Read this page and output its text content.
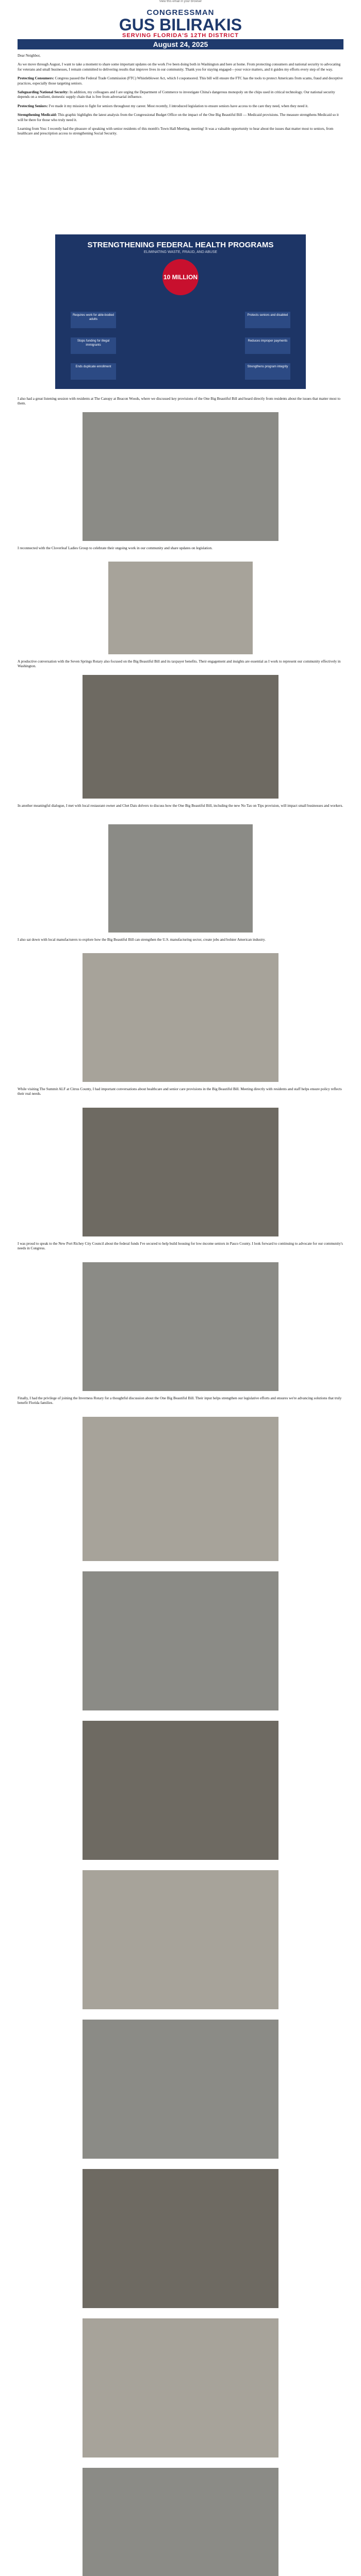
View this email in your browser
CONGRESSMAN
GUS BILIRAKIS
SERVING FLORIDA'S 12TH DISTRICT
August 24, 2025

Dear Neighbor,

As we move through August, I want to take a moment to share some important updates on the work I've been doing both in Washington and here at home. From protecting consumers and national security to advocating for veterans and small businesses, I remain committed to delivering results that improve lives in our community. Thank you for staying engaged—your voice matters, and it guides my efforts every step of the way.

Protecting Consumers: Congress passed the Federal Trade Commission (FTC) Whistleblower Act, which I cosponsored. This bill will ensure the FTC has the tools to protect Americans from scams, fraud and deceptive practices, especially those targeting seniors.

Safeguarding National Security: In addition, my colleagues and I are urging the Department of Commerce to investigate China's dangerous monopoly on the chips used in critical technology. Our national security depends on a resilient, domestic supply chain that is free from adversarial influence.

Protecting Seniors: I've made it my mission to fight for seniors throughout my career. Most recently, I introduced legislation to ensure seniors have access to the care they need, when they need it.

Strengthening Medicaid: This graphic highlights the latest analysis from the Congressional Budget Office on the impact of the One Big Beautiful Bill — Medicaid provisions. The measure strengthens Medicaid so it will be there for those who truly need it.

Learning from You: I recently had the pleasure of speaking with senior residents of this month's Town Hall Meeting, meeting! It was a valuable opportunity to hear about the issues that matter most to seniors, from healthcare and prescription access to strengthening Social Security.

STRENGTHENING FEDERAL HEALTH PROGRAMS
ELIMINATING WASTE, FRAUD, AND ABUSE
10 MILLION
Requires work for able-bodied adults
Stops funding for illegal immigrants
Ends duplicate enrollment
Protects seniors and disabled
Reduces improper payments
Strengthens program integrity

I also had a great listening session with residents at The Canopy at Beacon Woods, where we discussed key provisions of the One Big Beautiful Bill and heard directly from residents about the issues that matter most to them.

I reconnected with the Cloverleaf Ladies Group to celebrate their ongoing work in our community and share updates on legislation.

A productive conversation with the Seven Springs Rotary also focused on the Big Beautiful Bill and its taxpayer benefits. Their engagement and insights are essential as I work to represent our community effectively in Washington.

In another meaningful dialogue, I met with local restaurant owner and Chet Dais dolvers to discuss how the One Big Beautiful Bill, including the new No Tax on Tips provision, will impact small businesses and workers.

I also sat down with local manufacturers to explore how the Big Beautiful Bill can strengthen the U.S. manufacturing sector, create jobs and bolster American industry.

While visiting The Summit ALF at Citrus County, I had important conversations about healthcare and senior care provisions in the Big Beautiful Bill. Meeting directly with residents and staff helps ensure policy reflects their real needs.

I was proud to speak to the New Port Richey City Council about the federal funds I've secured to help build housing for low-income seniors in Pasco County. I look forward to continuing to advocate for our community's needs in Congress.

Finally, I had the privilege of joining the Inverness Rotary for a thoughtful discussion about the One Big Beautiful Bill. Their input helps strengthen our legislative efforts and ensures we're advancing solutions that truly benefit Florida families.
